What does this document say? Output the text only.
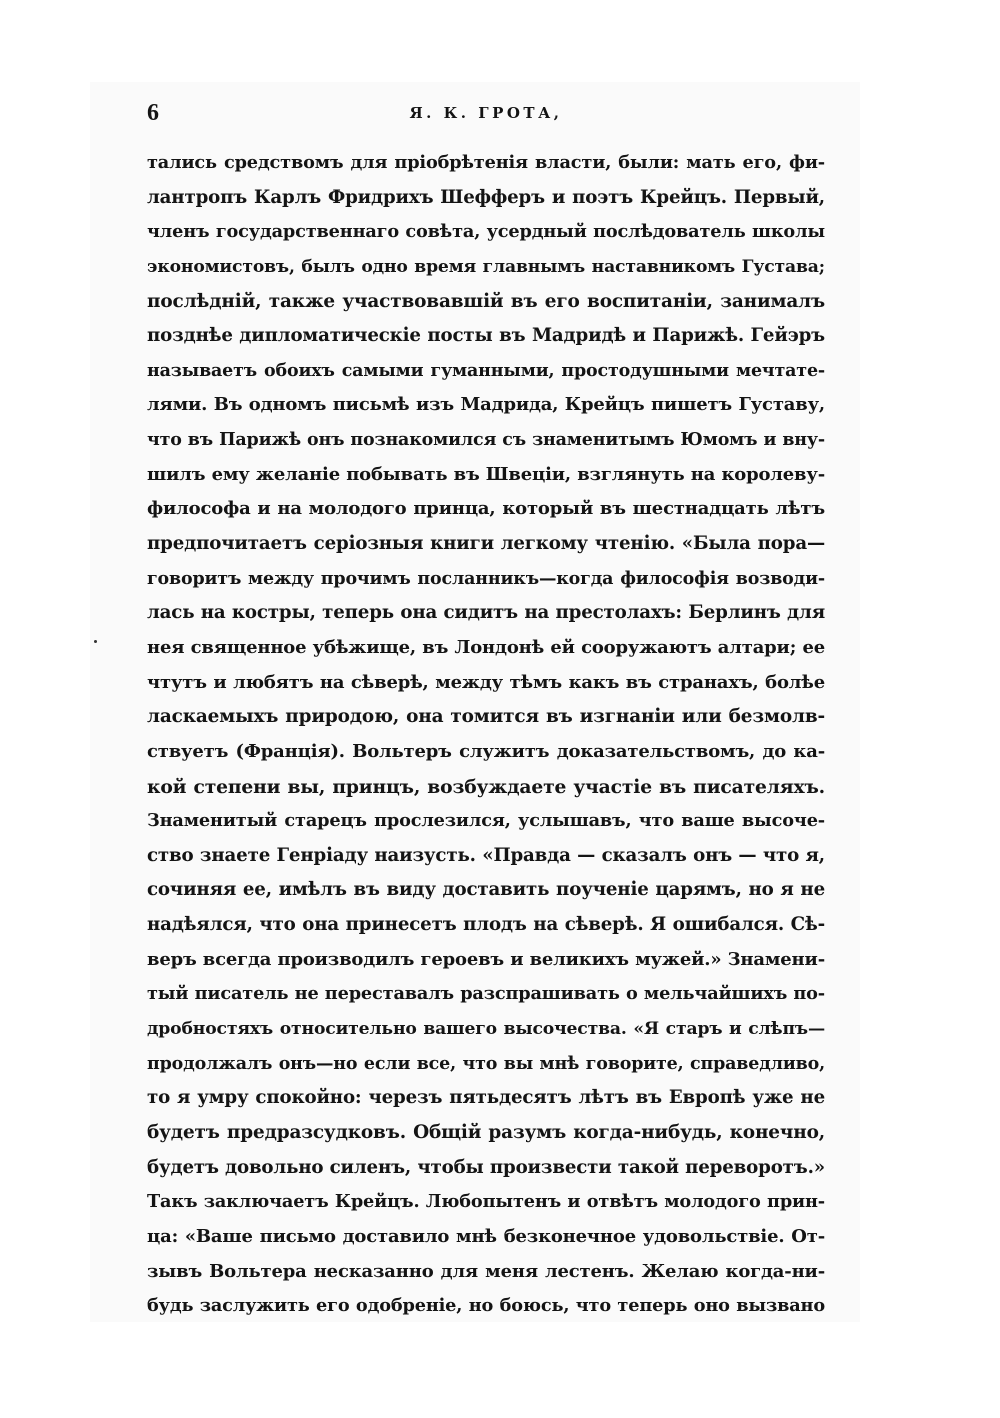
6	Я. К. ГРОТА,
тались средствомъ для пріобрѣтенія власти, были: мать его, фи-
лантропъ Карлъ Фридрихъ Шефферъ и поэтъ Крейцъ. Первый,
членъ государственнаго совѣта, усердный послѣдователь школы
экономистовъ, былъ одно время главнымъ наставникомъ Густава;
послѣдній, также участвовавшій въ его воспитаніи, занималъ
позднѣе дипломатическіе посты въ Мадридѣ и Парижѣ. Гейэръ
называетъ обоихъ самыми гуманными, простодушными мечтате-
лями. Въ одномъ письмѣ изъ Мадрида, Крейцъ пишетъ Густаву,
что въ Парижѣ онъ познакомился съ знаменитымъ Юмомъ и вну-
шилъ ему желаніе побывать въ Швеціи, взглянуть на королеву-
философа и на молодого принца, который въ шестнадцать лѣтъ
предпочитаетъ серіозныя книги легкому чтенію. «Была пора—
говоритъ между прочимъ посланникъ—когда философія возводи-
лась на костры, теперь она сидитъ на престолахъ: Берлинъ для
нея священное убѣжище, въ Лондонѣ ей сооружаютъ алтари; ее
чтутъ и любятъ на сѣверѣ, между тѣмъ какъ въ странахъ, болѣе
ласкаемыхъ природою, она томится въ изгнаніи или безмолв-
ствуетъ (Франція). Вольтеръ служитъ доказательствомъ, до ка-
кой степени вы, принцъ, возбуждаете участіе въ писателяхъ.
Знаменитый старецъ прослезился, услышавъ, что ваше высоче-
ство знаете Генріаду наизусть. «Правда — сказалъ онъ — что я,
сочиняя ее, имѣлъ въ виду доставить поученіе царямъ, но я не
надѣялся, что она принесетъ плодъ на сѣверѣ. Я ошибался. Сѣ-
веръ всегда производилъ героевъ и великихъ мужей.» Знамени-
тый писатель не переставалъ разспрашивать о мельчайшихъ по-
дробностяхъ относительно вашего высочества. «Я старъ и слѣпъ—
продолжалъ онъ—но если все, что вы мнѣ говорите, справедливо,
то я умру спокойно: черезъ пятьдесятъ лѣтъ въ Европѣ уже не
будетъ предразсудковъ. Общій разумъ когда-нибудь, конечно,
будетъ довольно силенъ, чтобы произвести такой переворотъ.»
Такъ заключаетъ Крейцъ. Любопытенъ и отвѣтъ молодого прин-
ца: «Ваше письмо доставило мнѣ безконечное удовольствіе. От-
зывъ Вольтера несказанно для меня лестенъ. Желаю когда-ни-
будь заслужить его одобреніе, но боюсь, что теперь оно вызвано
